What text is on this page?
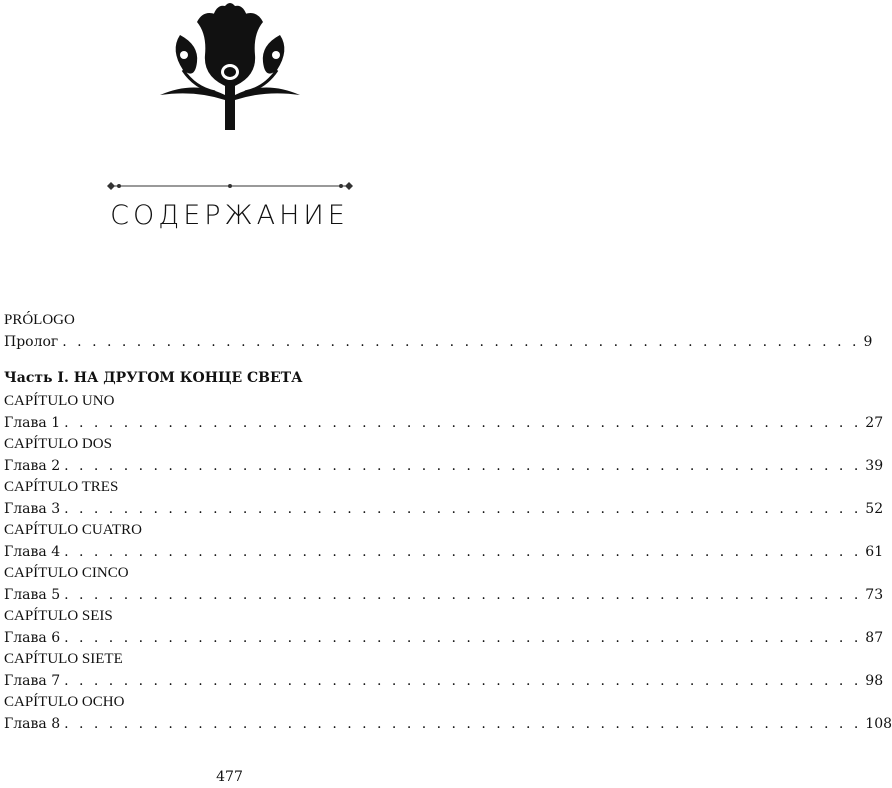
СОДЕРЖАНИЕ
PRÓLOGO
Пролог . . . . . . . . . . . . . . . . . . . . . . . . . . . . . . . . . . . . . . . . . . . . . . . . . . . . . . 9
Часть I. НА ДРУГОМ КОНЦЕ СВЕТА
CAPÍTULO UNO
Глава 1 . . . . . . . . . . . . . . . . . . . . . . . . . . . . . . . . . . . . . . . . . . . . . . . . . . . . . . 27
CAPÍTULO DOS
Глава 2 . . . . . . . . . . . . . . . . . . . . . . . . . . . . . . . . . . . . . . . . . . . . . . . . . . . . . . 39
CAPÍTULO TRES
Глава 3 . . . . . . . . . . . . . . . . . . . . . . . . . . . . . . . . . . . . . . . . . . . . . . . . . . . . . . 52
CAPÍTULO CUATRO
Глава 4 . . . . . . . . . . . . . . . . . . . . . . . . . . . . . . . . . . . . . . . . . . . . . . . . . . . . . . 61
CAPÍTULO CINCO
Глава 5 . . . . . . . . . . . . . . . . . . . . . . . . . . . . . . . . . . . . . . . . . . . . . . . . . . . . . . 73
CAPÍTULO SEIS
Глава 6 . . . . . . . . . . . . . . . . . . . . . . . . . . . . . . . . . . . . . . . . . . . . . . . . . . . . . . 87
CAPÍTULO SIETE
Глава 7 . . . . . . . . . . . . . . . . . . . . . . . . . . . . . . . . . . . . . . . . . . . . . . . . . . . . . . 98
CAPÍTULO OCHO
Глава 8 . . . . . . . . . . . . . . . . . . . . . . . . . . . . . . . . . . . . . . . . . . . . . . . . . . . . . . 108
477
